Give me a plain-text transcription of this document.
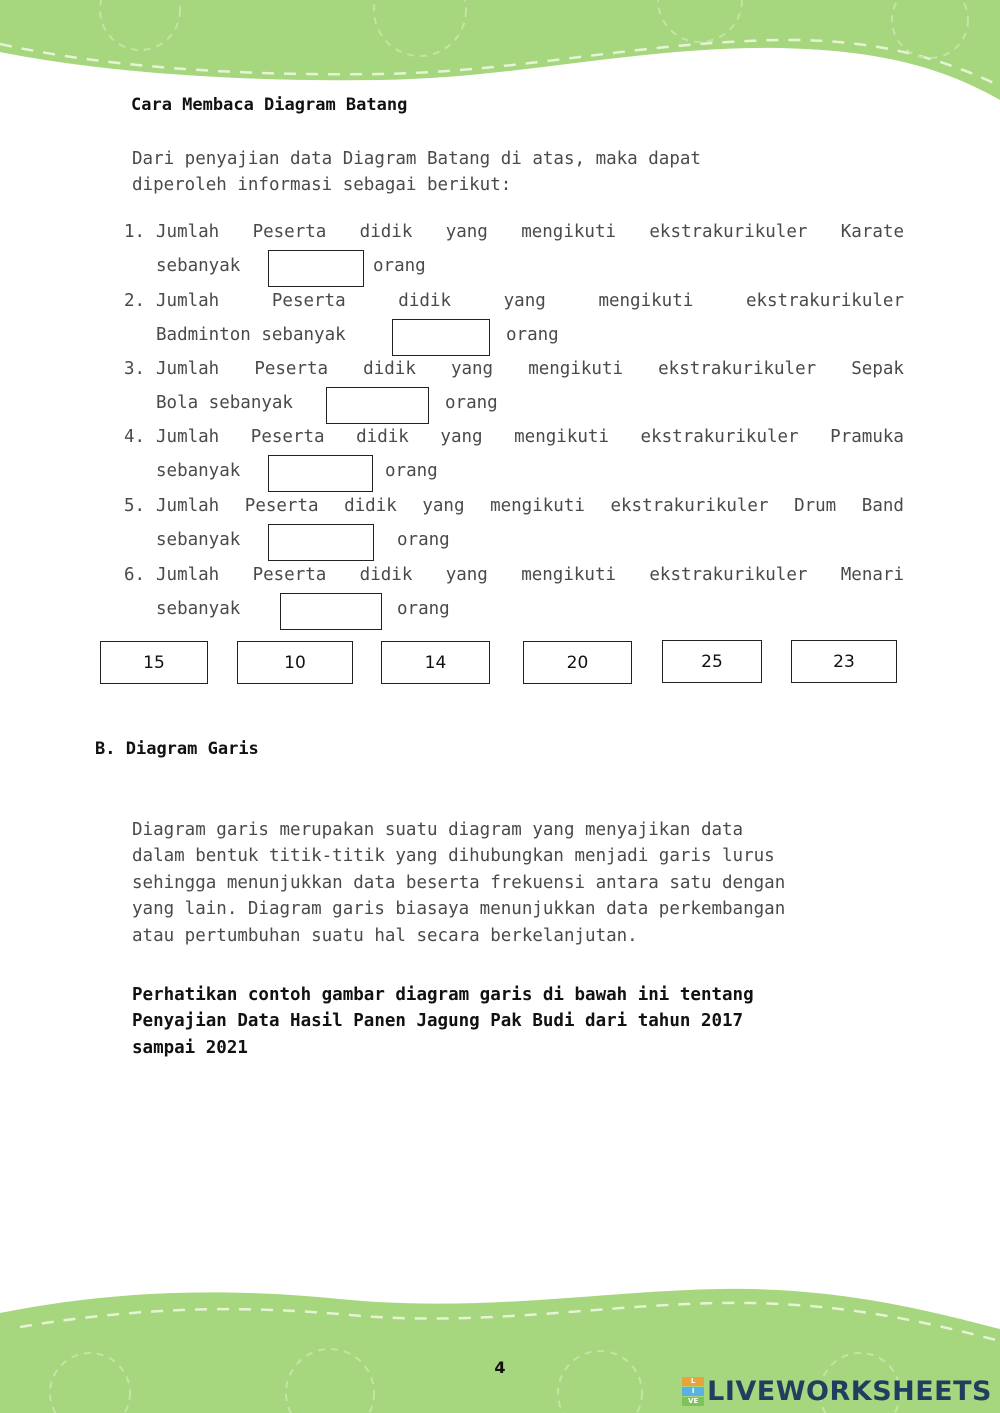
Cara Membaca Diagram Batang
Dari penyajian data Diagram Batang di atas, maka dapat
diperoleh informasi sebagai berikut:
1. Jumlah Peserta didik yang mengikuti ekstrakurikuler Karate
sebanyak	orang
2. Jumlah	Peserta	didik	yang	mengikuti	ekstrakurikuler
Badminton sebanyak	orang
3. Jumlah Peserta didik yang mengikuti ekstrakurikuler Sepak
Bola sebanyak	orang
4. Jumlah Peserta didik yang mengikuti ekstrakurikuler Pramuka
sebanyak	orang
5. Jumlah Peserta didik yang mengikuti ekstrakurikuler Drum Band
sebanyak	orang
6. Jumlah Peserta didik yang mengikuti ekstrakurikuler Menari
sebanyak	orang
15	10	14	20	25	23
B. Diagram Garis
Diagram garis merupakan suatu diagram yang menyajikan data
dalam bentuk titik-titik yang dihubungkan menjadi garis lurus
sehingga menunjukkan data beserta frekuensi antara satu dengan
yang lain. Diagram garis biasaya menunjukkan data perkembangan
atau pertumbuhan suatu hal secara berkelanjutan.
Perhatikan contoh gambar diagram garis di bawah ini tentang
Penyajian Data Hasil Panen Jagung Pak Budi dari tahun 2017
sampai 2021
4
L
I
VE LIVEWORKSHEETS
